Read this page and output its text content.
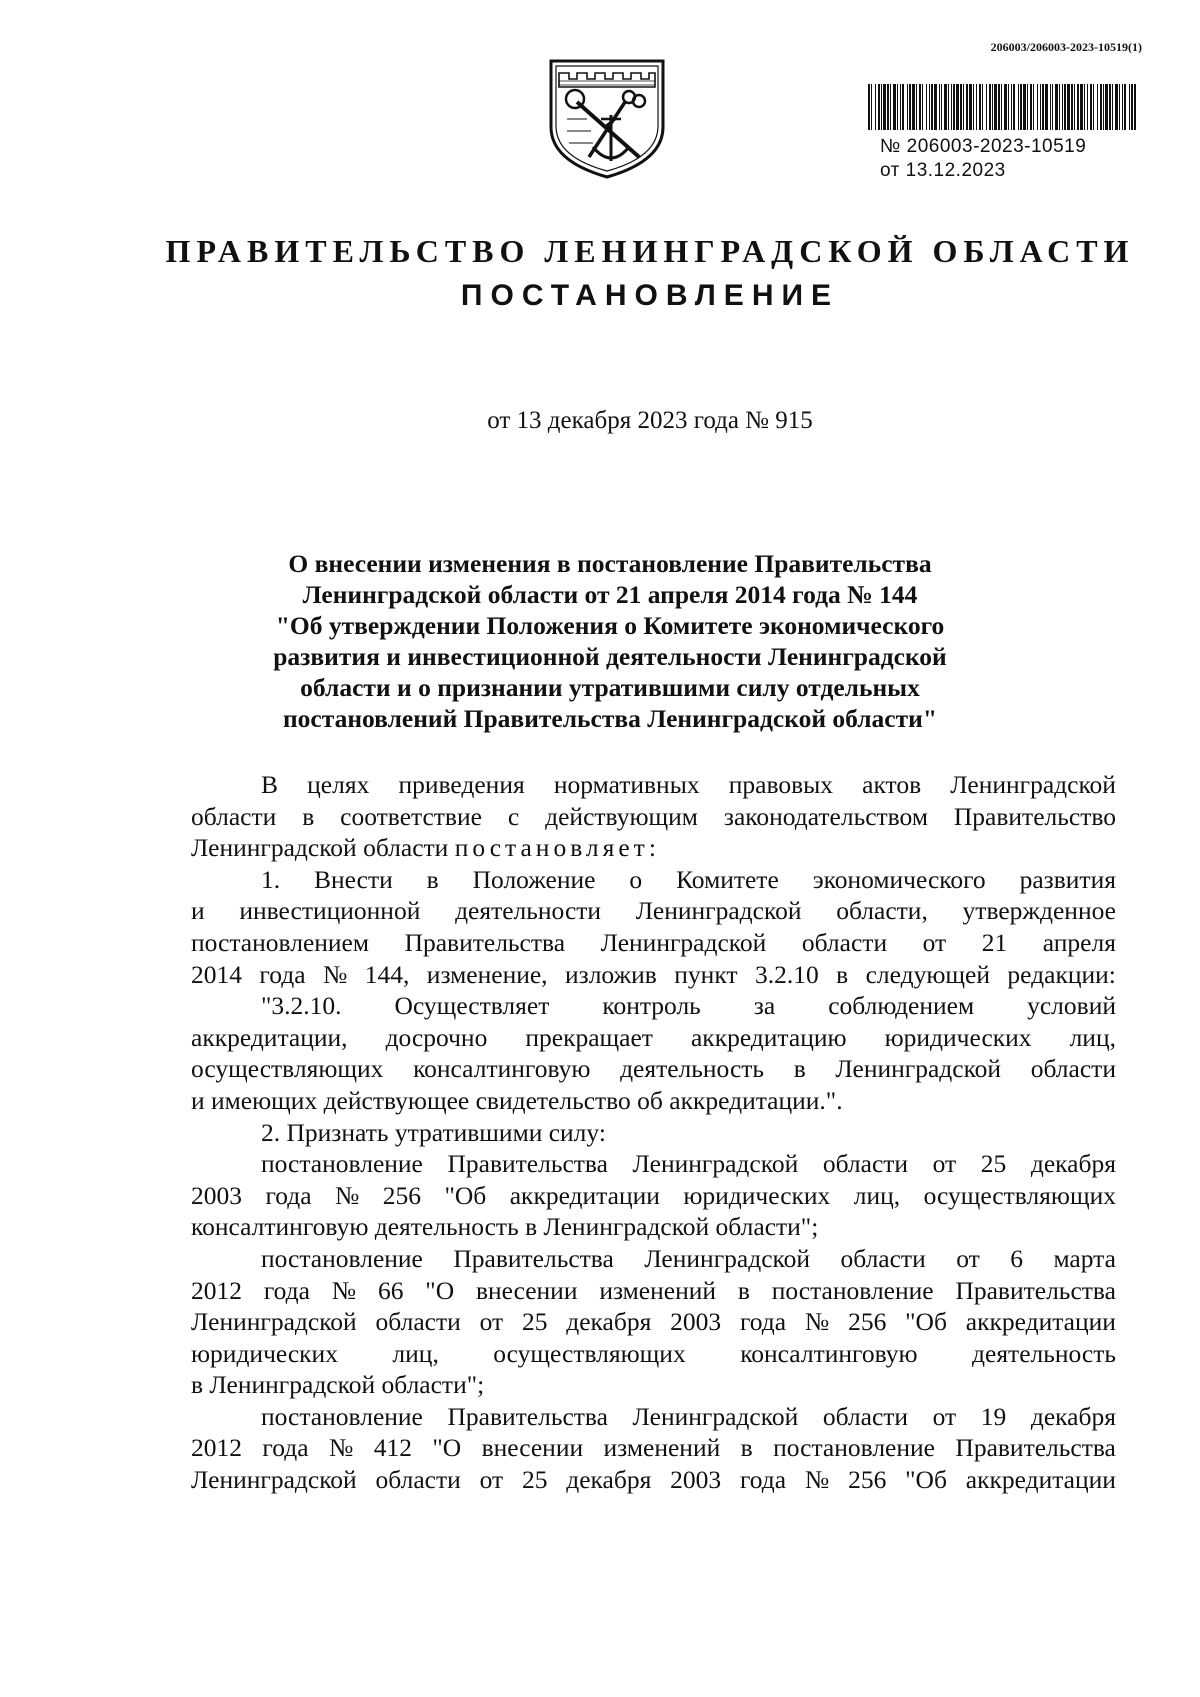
206003/206003-2023-10519(1)
№ 206003-2023-10519
от 13.12.2023
ПРАВИТЕЛЬСТВО ЛЕНИНГРАДСКОЙ ОБЛАСТИ
ПОСТАНОВЛЕНИЕ
от 13 декабря 2023 года № 915
О внесении изменения в постановление Правительства
Ленинградской области от 21 апреля 2014 года № 144
"Об утверждении Положения о Комитете экономического
развития и инвестиционной деятельности Ленинградской
области и о признании утратившими силу отдельных
постановлений Правительства Ленинградской области"
В целях приведения нормативных правовых актов Ленинградской
области в соответствие с действующим законодательством Правительство
Ленинградской области
постановляет:
1. Внести в Положение о Комитете экономического развития
и инвестиционной деятельности Ленинградской области, утвержденное
постановлением Правительства Ленинградской области от 21 апреля
2014 года № 144, изменение, изложив пункт 3.2.10 в следующей редакции:
"3.2.10. Осуществляет контроль за соблюдением условий
аккредитации, досрочно прекращает аккредитацию юридических лиц,
осуществляющих консалтинговую деятельность в Ленинградской области
и имеющих действующее свидетельство об аккредитации.".
2. Признать утратившими силу:
постановление Правительства Ленинградской области от 25 декабря
2003 года № 256 "Об аккредитации юридических лиц, осуществляющих
консалтинговую деятельность в Ленинградской области";
постановление Правительства Ленинградской области от 6 марта
2012 года № 66 "О внесении изменений в постановление Правительства
Ленинградской области от 25 декабря 2003 года № 256 "Об аккредитации
юридических лиц, осуществляющих консалтинговую деятельность
в Ленинградской области";
постановление Правительства Ленинградской области от 19 декабря
2012 года № 412 "О внесении изменений в постановление Правительства
Ленинградской области от 25 декабря 2003 года № 256 "Об аккредитации
